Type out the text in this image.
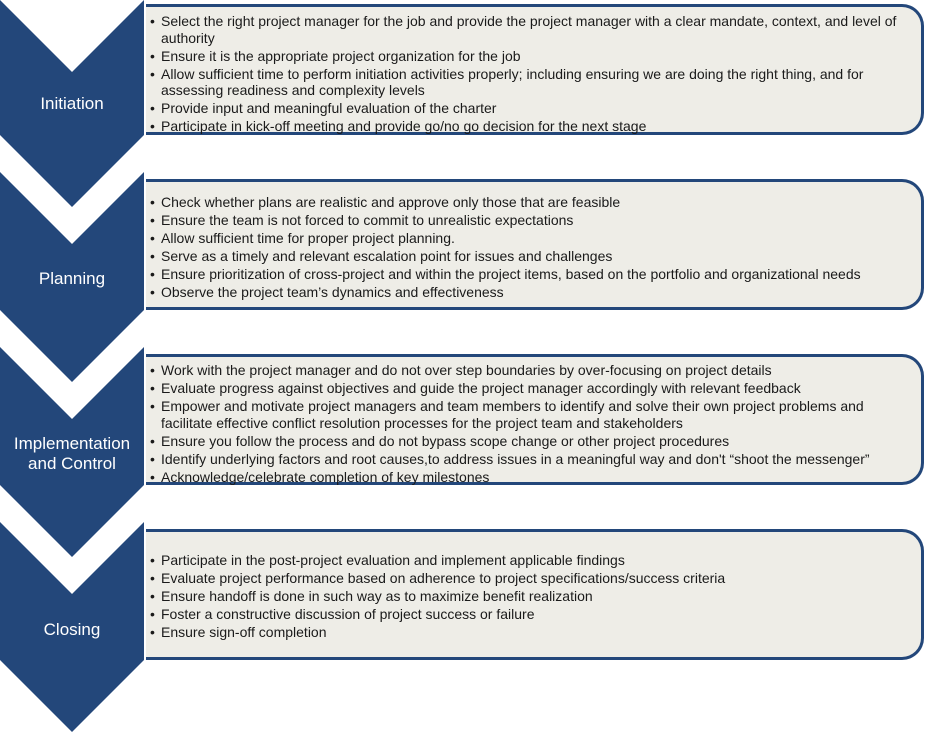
Initiation
Planning
Implementation
and Control
Closing
• Select the right project manager for the job and provide the project manager with a clear mandate, context, and level of authority
• Ensure it is the appropriate project organization for the job
• Allow sufficient time to perform initiation activities properly; including ensuring we are doing the right thing, and for assessing readiness and complexity levels
• Provide input and meaningful evaluation of the charter
• Participate in kick-off meeting and provide go/no go decision for the next stage
• Check whether plans are realistic and approve only those that are feasible
• Ensure the team is not forced to commit to unrealistic expectations
• Allow sufficient time for proper project planning.
• Serve as a timely and relevant escalation point for issues and challenges
• Ensure prioritization of cross-project and within the project items, based on the portfolio and organizational needs
• Observe the project team’s dynamics and effectiveness
• Work with the project manager and do not over step boundaries by over-focusing on project details
• Evaluate progress against objectives and guide the project manager accordingly with relevant feedback
• Empower and motivate project managers and team members to identify and solve their own project problems and facilitate effective conflict resolution processes for the project team and stakeholders
• Ensure you follow the process and do not bypass scope change or other project procedures
• Identify underlying factors and root causes,to address issues in a meaningful way and don't “shoot the messenger”
• Acknowledge/celebrate completion of key milestones
• Participate in the post-project evaluation and implement applicable findings
• Evaluate project performance based on adherence to project specifications/success criteria
• Ensure handoff is done in such way as to maximize benefit realization
• Foster a constructive discussion of project success or failure
• Ensure sign-off completion
